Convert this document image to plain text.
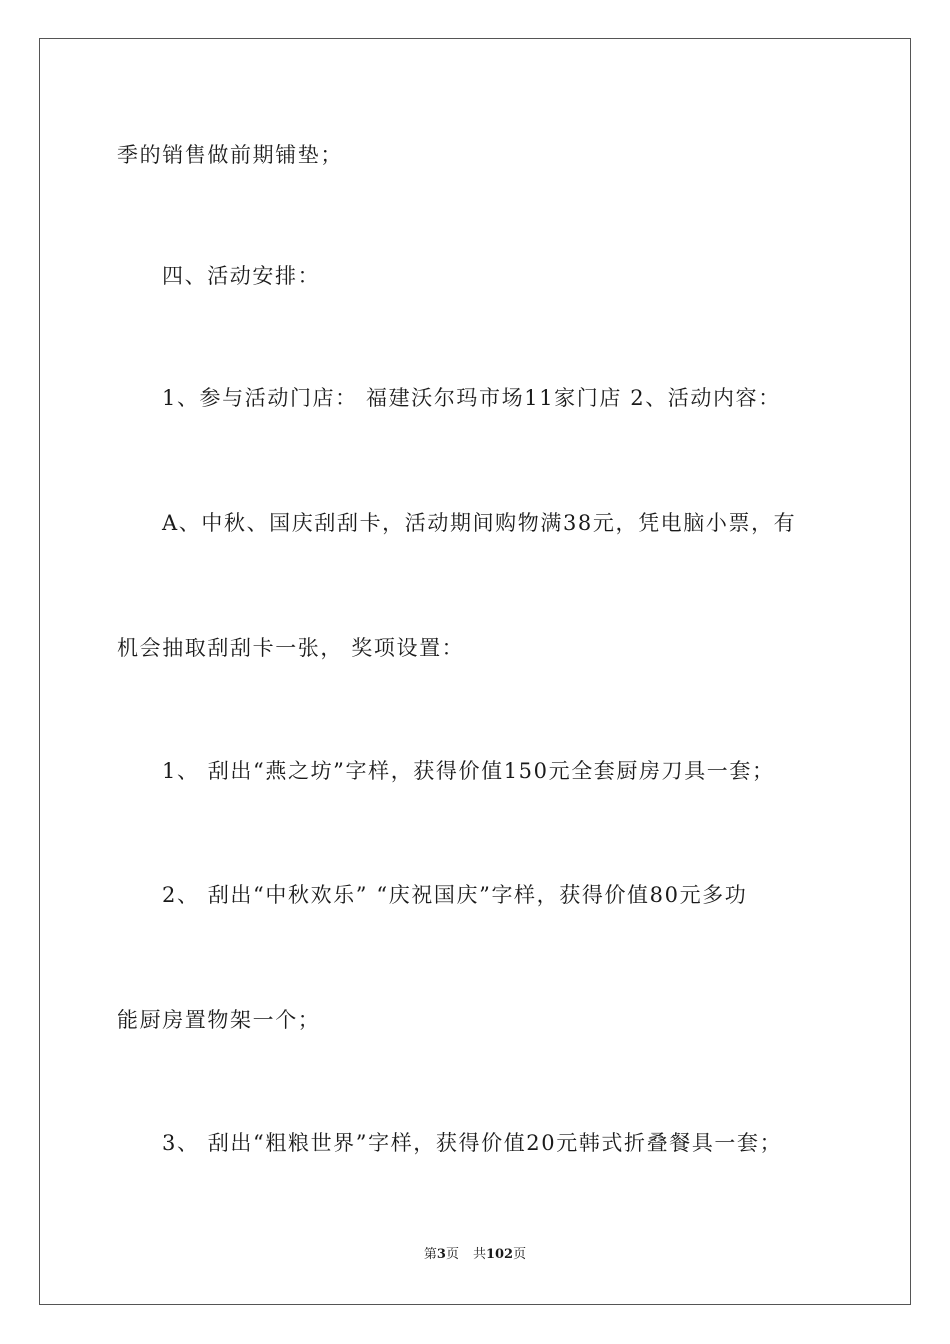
季的销售做前期铺垫；
四、活动安排：
1、参与活动门店： 福建沃尔玛市场11家门店 2、活动内容：
A、中秋、国庆刮刮卡，活动期间购物满38元，凭电脑小票，有
机会抽取刮刮卡一张， 奖项设置：
1、 刮出“燕之坊”字样，获得价值150元全套厨房刀具一套；
2、 刮出“中秋欢乐” “庆祝国庆”字样，获得价值80元多功
能厨房置物架一个；
3、 刮出“粗粮世界”字样，获得价值20元韩式折叠餐具一套；
第3页 共102页
